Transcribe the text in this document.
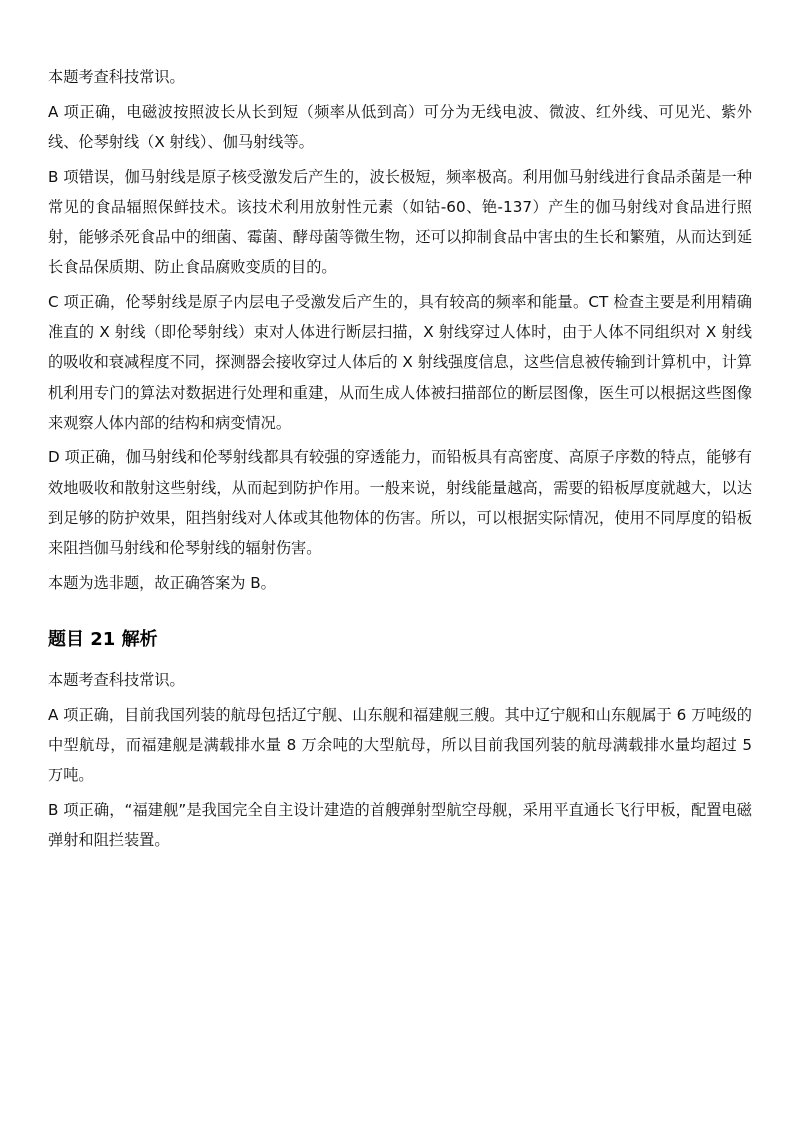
本题考查科技常识。

A 项正确，电磁波按照波长从长到短（频率从低到高）可分为无线电波、微波、红外线、可见光、紫外线、伦琴射线（X 射线）、伽马射线等。

B 项错误，伽马射线是原子核受激发后产生的，波长极短，频率极高。利用伽马射线进行食品杀菌是一种常见的食品辐照保鲜技术。该技术利用放射性元素（如钴-60、铯-137）产生的伽马射线对食品进行照射，能够杀死食品中的细菌、霉菌、酵母菌等微生物，还可以抑制食品中害虫的生长和繁殖，从而达到延长食品保质期、防止食品腐败变质的目的。

C 项正确，伦琴射线是原子内层电子受激发后产生的，具有较高的频率和能量。CT 检查主要是利用精确准直的 X 射线（即伦琴射线）束对人体进行断层扫描，X 射线穿过人体时，由于人体不同组织对 X 射线的吸收和衰减程度不同，探测器会接收穿过人体后的 X 射线强度信息，这些信息被传输到计算机中，计算机利用专门的算法对数据进行处理和重建，从而生成人体被扫描部位的断层图像，医生可以根据这些图像来观察人体内部的结构和病变情况。

D 项正确，伽马射线和伦琴射线都具有较强的穿透能力，而铅板具有高密度、高原子序数的特点，能够有效地吸收和散射这些射线，从而起到防护作用。一般来说，射线能量越高，需要的铅板厚度就越大，以达到足够的防护效果，阻挡射线对人体或其他物体的伤害。所以，可以根据实际情况，使用不同厚度的铅板来阻挡伽马射线和伦琴射线的辐射伤害。

本题为选非题，故正确答案为 B。

题目 21 解析

本题考查科技常识。

A 项正确，目前我国列装的航母包括辽宁舰、山东舰和福建舰三艘。其中辽宁舰和山东舰属于 6 万吨级的中型航母，而福建舰是满载排水量 8 万余吨的大型航母，所以目前我国列装的航母满载排水量均超过 5 万吨。

B 项正确，“福建舰”是我国完全自主设计建造的首艘弹射型航空母舰，采用平直通长飞行甲板，配置电磁弹射和阻拦装置。
